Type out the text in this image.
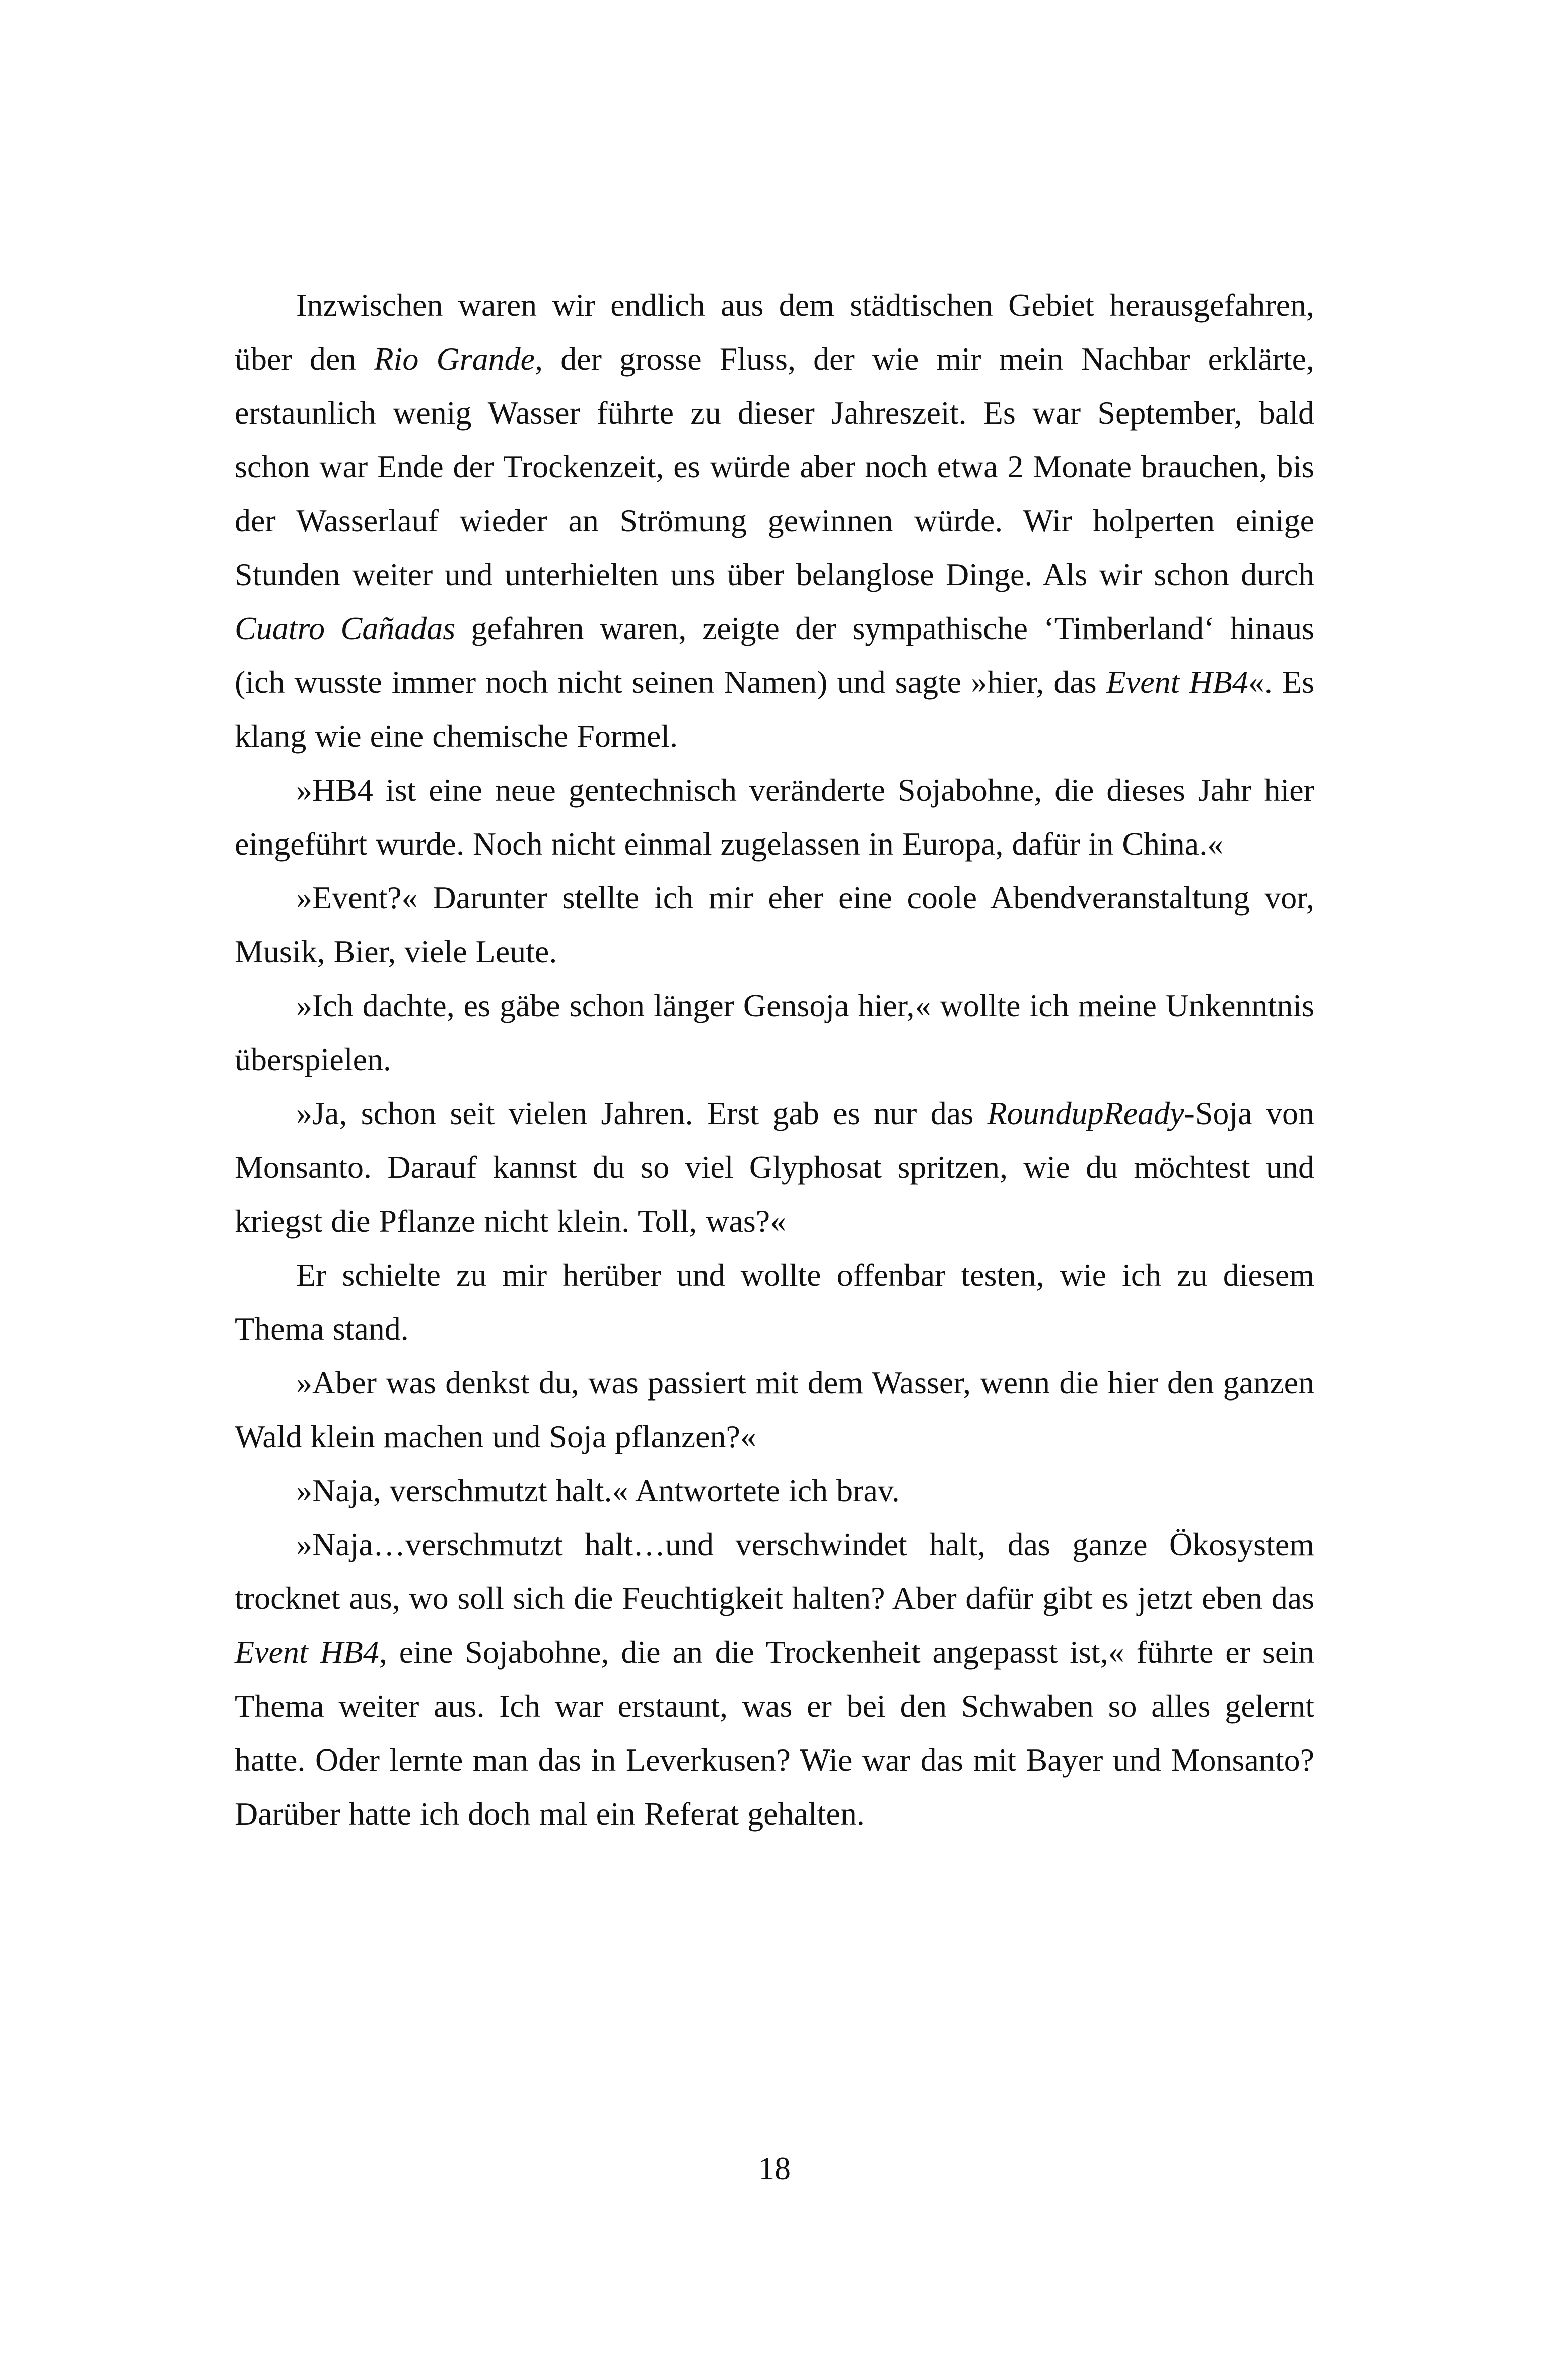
Inzwischen waren wir endlich aus dem städtischen Gebiet herausgefahren, über den Rio Grande, der grosse Fluss, der wie mir mein Nachbar erklärte, erstaunlich wenig Wasser führte zu dieser Jahreszeit. Es war September, bald schon war Ende der Trockenzeit, es würde aber noch etwa 2 Monate brauchen, bis der Wasserlauf wieder an Strömung gewinnen würde. Wir holperten einige Stunden weiter und unterhielten uns über belanglose Dinge. Als wir schon durch Cuatro Cañadas gefahren waren, zeigte der sympathische ‘Timberland‘ hinaus (ich wusste immer noch nicht seinen Namen) und sagte »hier, das Event HB4«. Es klang wie eine chemische Formel.

»HB4 ist eine neue gentechnisch veränderte Sojabohne, die dieses Jahr hier eingeführt wurde. Noch nicht einmal zugelassen in Europa, dafür in China.«

»Event?« Darunter stellte ich mir eher eine coole Abendveranstaltung vor, Musik, Bier, viele Leute.

»Ich dachte, es gäbe schon länger Gensoja hier,« wollte ich meine Unkenntnis überspielen.

»Ja, schon seit vielen Jahren. Erst gab es nur das RoundupReady-Soja von Monsanto. Darauf kannst du so viel Glyphosat spritzen, wie du möchtest und kriegst die Pflanze nicht klein. Toll, was?«

Er schielte zu mir herüber und wollte offenbar testen, wie ich zu diesem Thema stand.

»Aber was denkst du, was passiert mit dem Wasser, wenn die hier den ganzen Wald klein machen und Soja pflanzen?«

»Naja, verschmutzt halt.« Antwortete ich brav.

»Naja…verschmutzt halt…und verschwindet halt, das ganze Ökosystem trocknet aus, wo soll sich die Feuchtigkeit halten? Aber dafür gibt es jetzt eben das Event HB4, eine Sojabohne, die an die Trockenheit angepasst ist,« führte er sein Thema weiter aus. Ich war erstaunt, was er bei den Schwaben so alles gelernt hatte. Oder lernte man das in Leverkusen? Wie war das mit Bayer und Monsanto? Darüber hatte ich doch mal ein Referat gehalten.

18
